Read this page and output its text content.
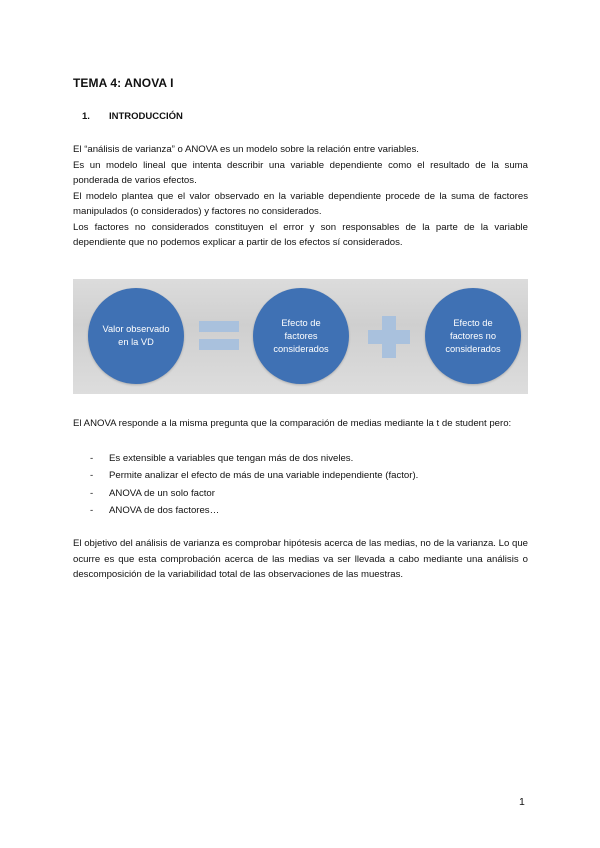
TEMA 4: ANOVA I
1. INTRODUCCIÓN

El “análisis de varianza” o ANOVA es un modelo sobre la relación entre variables.

Es un modelo lineal que intenta describir una variable dependiente como el resultado de la suma ponderada de varios efectos.

El modelo plantea que el valor observado en la variable dependiente procede de la suma de factores manipulados (o considerados) y factores no considerados.

Los factores no considerados constituyen el error y son responsables de la parte de la variable dependiente que no podemos explicar a partir de los efectos sí considerados.

Valor observado en la VD
Efecto de factores considerados
Efecto de factores no considerados

El ANOVA responde a la misma pregunta que la comparación de medias mediante la t de student pero:

- Es extensible a variables que tengan más de dos niveles.
- Permite analizar el efecto de más de una variable independiente (factor).
- ANOVA de un solo factor
- ANOVA de dos factores…

El objetivo del análisis de varianza es comprobar hipótesis acerca de las medias, no de la varianza. Lo que ocurre es que esta comprobación acerca de las medias va ser llevada a cabo mediante una análisis o descomposición de la variabilidad total de las observaciones de las muestras.

1
